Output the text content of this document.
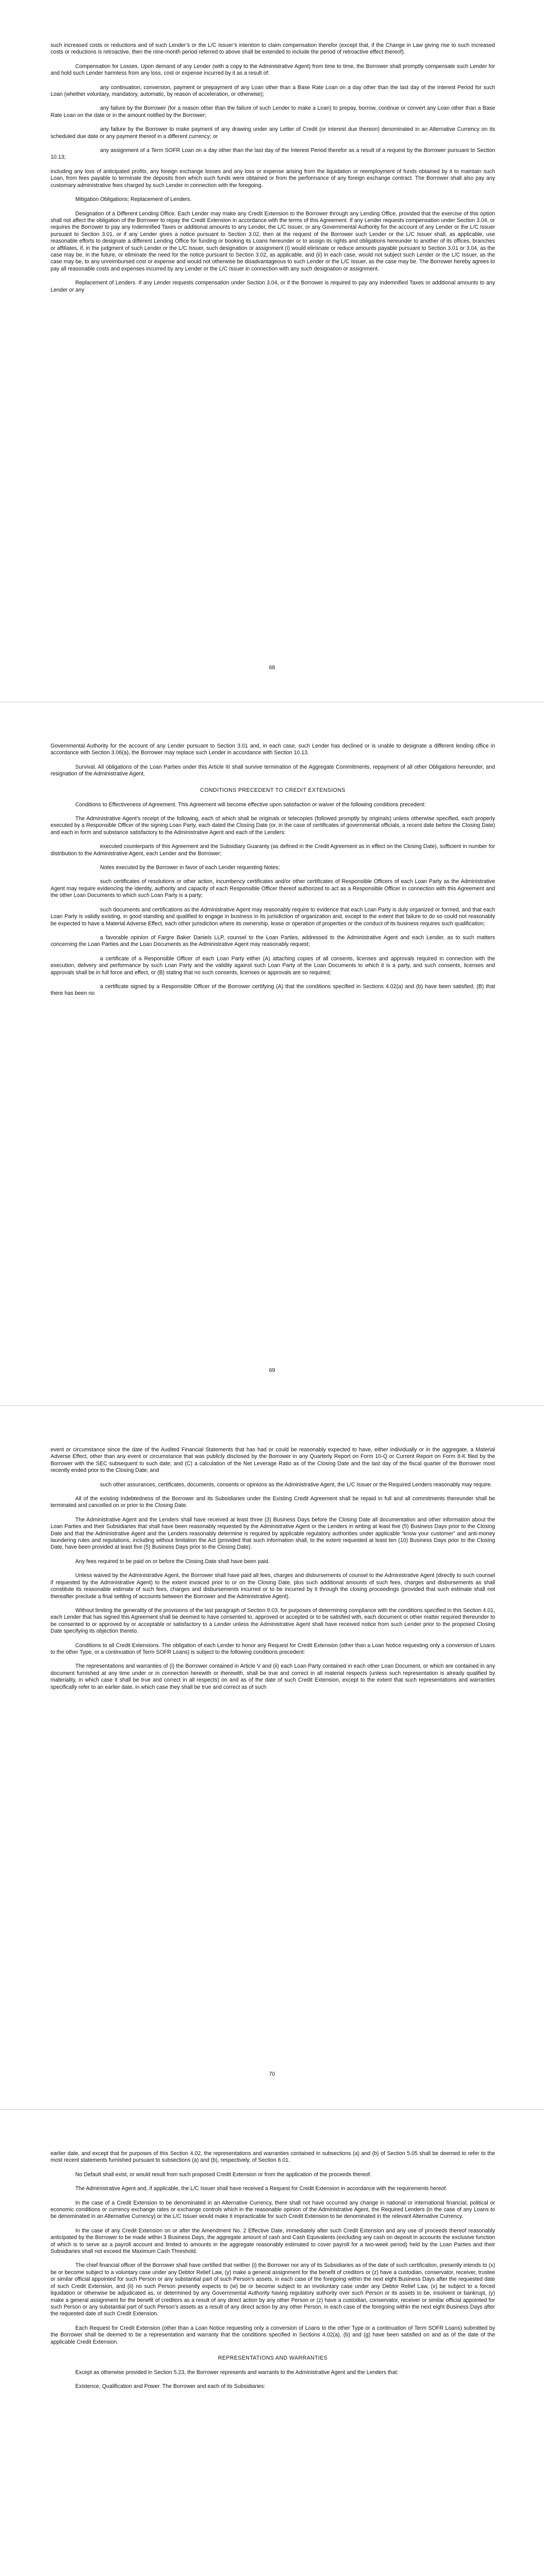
such increased costs or reductions and of such Lender’s or the L/C Issuer’s intention to claim compensation therefor (except that, if the Change in Law giving rise to such increased costs or reductions is retroactive, then the nine-month period referred to above shall be extended to include the period of retroactive effect thereof).

Compensation for Losses. Upon demand of any Lender (with a copy to the Administrative Agent) from time to time, the Borrower shall promptly compensate such Lender for and hold such Lender harmless from any loss, cost or expense incurred by it as a result of:

any continuation, conversion, payment or prepayment of any Loan other than a Base Rate Loan on a day other than the last day of the Interest Period for such Loan (whether voluntary, mandatory, automatic, by reason of acceleration, or otherwise);

any failure by the Borrower (for a reason other than the failure of such Lender to make a Loan) to prepay, borrow, continue or convert any Loan other than a Base Rate Loan on the date or in the amount notified by the Borrower;

any failure by the Borrower to make payment of any drawing under any Letter of Credit (or interest due thereon) denominated in an Alternative Currency on its scheduled due date or any payment thereof in a different currency; or

any assignment of a Term SOFR Loan on a day other than the last day of the Interest Period therefor as a result of a request by the Borrower pursuant to Section 10.13;

including any loss of anticipated profits, any foreign exchange losses and any loss or expense arising from the liquidation or reemployment of funds obtained by it to maintain such Loan, from fees payable to terminate the deposits from which such funds were obtained or from the performance of any foreign exchange contract. The Borrower shall also pay any customary administrative fees charged by such Lender in connection with the foregoing.

Mitigation Obligations; Replacement of Lenders.

Designation of a Different Lending Office. Each Lender may make any Credit Extension to the Borrower through any Lending Office, provided that the exercise of this option shall not affect the obligation of the Borrower to repay the Credit Extension in accordance with the terms of this Agreement. If any Lender requests compensation under Section 3.04, or requires the Borrower to pay any Indemnified Taxes or additional amounts to any Lender, the L/C Issuer, or any Governmental Authority for the account of any Lender or the L/C Issuer pursuant to Section 3.01, or if any Lender gives a notice pursuant to Section 3.02, then at the request of the Borrower such Lender or the L/C Issuer shall, as applicable, use reasonable efforts to designate a different Lending Office for funding or booking its Loans hereunder or to assign its rights and obligations hereunder to another of its offices, branches or affiliates, if, in the judgment of such Lender or the L/C Issuer, such designation or assignment (i) would eliminate or reduce amounts payable pursuant to Section 3.01 or 3.04, as the case may be, in the future, or eliminate the need for the notice pursuant to Section 3.02, as applicable, and (ii) in each case, would not subject such Lender or the L/C Issuer, as the case may be, to any unreimbursed cost or expense and would not otherwise be disadvantageous to such Lender or the L/C Issuer, as the case may be. The Borrower hereby agrees to pay all reasonable costs and expenses incurred by any Lender or the L/C Issuer in connection with any such designation or assignment.

Replacement of Lenders. If any Lender requests compensation under Section 3.04, or if the Borrower is required to pay any Indemnified Taxes or additional amounts to any Lender or any

68

Governmental Authority for the account of any Lender pursuant to Section 3.01 and, in each case, such Lender has declined or is unable to designate a different lending office in accordance with Section 3.06(a), the Borrower may replace such Lender in accordance with Section 10.13.

Survival. All obligations of the Loan Parties under this Article III shall survive termination of the Aggregate Commitments, repayment of all other Obligations hereunder, and resignation of the Administrative Agent.

CONDITIONS PRECEDENT TO CREDIT EXTENSIONS

Conditions to Effectiveness of Agreement. This Agreement will become effective upon satisfaction or waiver of the following conditions precedent:

The Administrative Agent’s receipt of the following, each of which shall be originals or telecopies (followed promptly by originals) unless otherwise specified, each properly executed by a Responsible Officer of the signing Loan Party, each dated the Closing Date (or, in the case of certificates of governmental officials, a recent date before the Closing Date) and each in form and substance satisfactory to the Administrative Agent and each of the Lenders:

executed counterparts of this Agreement and the Subsidiary Guaranty (as defined in the Credit Agreement as in effect on the Closing Date), sufficient in number for distribution to the Administrative Agent, each Lender and the Borrower;

Notes executed by the Borrower in favor of each Lender requesting Notes;

such certificates of resolutions or other action, incumbency certificates and/or other certificates of Responsible Officers of each Loan Party as the Administrative Agent may require evidencing the identity, authority and capacity of each Responsible Officer thereof authorized to act as a Responsible Officer in connection with this Agreement and the other Loan Documents to which such Loan Party is a party;

such documents and certifications as the Administrative Agent may reasonably require to evidence that each Loan Party is duly organized or formed, and that each Loan Party is validly existing, in good standing and qualified to engage in business in its jurisdiction of organization and, except to the extent that failure to do so could not reasonably be expected to have a Material Adverse Effect, each other jurisdiction where its ownership, lease or operation of properties or the conduct of its business requires such qualification;

a favorable opinion of Fargre Baker Daniels LLP, counsel to the Loan Parties, addressed to the Administrative Agent and each Lender, as to such matters concerning the Loan Parties and the Loan Documents as the Administrative Agent may reasonably request;

a certificate of a Responsible Officer of each Loan Party either (A) attaching copies of all consents, licenses and approvals required in connection with the execution, delivery and performance by such Loan Party and the validity against such Loan Party of the Loan Documents to which it is a party, and such consents, licenses and approvals shall be in full force and effect, or (B) stating that no such consents, licenses or approvals are so required;

a certificate signed by a Responsible Officer of the Borrower certifying (A) that the conditions specified in Sections 4.02(a) and (b) have been satisfied; (B) that there has been no

69

event or circumstance since the date of the Audited Financial Statements that has had or could be reasonably expected to have, either individually or in the aggregate, a Material Adverse Effect, other than any event or circumstance that was publicly disclosed by the Borrower in any Quarterly Report on Form 10-Q or Current Report on Form 8-K filed by the Borrower with the SEC subsequent to such date; and (C) a calculation of the Net Leverage Ratio as of the Closing Date and the last day of the fiscal quarter of the Borrower most recently ended prior to the Closing Date; and

such other assurances, certificates, documents, consents or opinions as the Administrative Agent, the L/C Issuer or the Required Lenders reasonably may require.

All of the existing Indebtedness of the Borrower and its Subsidiaries under the Existing Credit Agreement shall be repaid in full and all commitments thereunder shall be terminated and cancelled on or prior to the Closing Date.

The Administrative Agent and the Lenders shall have received at least three (3) Business Days before the Closing Date all documentation and other information about the Loan Parties and their Subsidiaries that shall have been reasonably requested by the Administrative Agent or the Lenders in writing at least five (5) Business Days prior to the Closing Date and that the Administrative Agent and the Lenders reasonably determine is required by applicable regulatory authorities under applicable “know your customer” and anti-money laundering rules and regulations, including without limitation the Act (provided that such information shall, to the extent requested at least ten (10) Business Days prior to the Closing Date, have been provided at least five (5) Business Days prior to the Closing Date).

Any fees required to be paid on or before the Closing Date shall have been paid.

Unless waived by the Administrative Agent, the Borrower shall have paid all fees, charges and disbursements of counsel to the Administrative Agent (directly to such counsel if requested by the Administrative Agent) to the extent invoiced prior to or on the Closing Date, plus such additional amounts of such fees, charges and disbursements as shall constitute its reasonable estimate of such fees, charges and disbursements incurred or to be incurred by it through the closing proceedings (provided that such estimate shall not thereafter preclude a final settling of accounts between the Borrower and the Administrative Agent).

Without limiting the generality of the provisions of the last paragraph of Section 9.03, for purposes of determining compliance with the conditions specified in this Section 4.01, each Lender that has signed this Agreement shall be deemed to have consented to, approved or accepted or to be satisfied with, each document or other matter required thereunder to be consented to or approved by or acceptable or satisfactory to a Lender unless the Administrative Agent shall have received notice from such Lender prior to the proposed Closing Date specifying its objection thereto.

Conditions to all Credit Extensions. The obligation of each Lender to honor any Request for Credit Extension (other than a Loan Notice requesting only a conversion of Loans to the other Type, or a continuation of Term SOFR Loans) is subject to the following conditions precedent:

The representations and warranties of (i) the Borrower contained in Article V and (ii) each Loan Party contained in each other Loan Document, or which are contained in any document furnished at any time under or in connection herewith or therewith, shall be true and correct in all material respects (unless such representation is already qualified by materiality, in which case it shall be true and correct in all respects) on and as of the date of such Credit Extension, except to the extent that such representations and warranties specifically refer to an earlier date, in which case they shall be true and correct as of such

70

earlier date, and except that for purposes of this Section 4.02, the representations and warranties contained in subsections (a) and (b) of Section 5.05 shall be deemed to refer to the most recent statements furnished pursuant to subsections (a) and (b), respectively, of Section 6.01.

No Default shall exist, or would result from such proposed Credit Extension or from the application of the proceeds thereof.

The Administrative Agent and, if applicable, the L/C Issuer shall have received a Request for Credit Extension in accordance with the requirements hereof.

In the case of a Credit Extension to be denominated in an Alternative Currency, there shall not have occurred any change in national or international financial, political or economic conditions or currency exchange rates or exchange controls which in the reasonable opinion of the Administrative Agent, the Required Lenders (in the case of any Loans to be denominated in an Alternative Currency) or the L/C Issuer would make it impracticable for such Credit Extension to be denominated in the relevant Alternative Currency.

In the case of any Credit Extension on or after the Amendment No. 2 Effective Date, immediately after such Credit Extension and any use of proceeds thereof reasonably anticipated by the Borrower to be made within 3 Business Days, the aggregate amount of cash and Cash Equivalents (excluding any cash on deposit in accounts the exclusive function of which is to serve as a payroll account and limited to amounts in the aggregate reasonably estimated to cover payroll for a two-week period) held by the Loan Parties and their Subsidiaries shall not exceed the Maximum Cash Threshold.

The chief financial officer of the Borrower shall have certified that neither (i) the Borrower nor any of its Subsidiaries as of the date of such certification, presently intends to (x) be or become subject to a voluntary case under any Debtor Relief Law, (y) make a general assignment for the benefit of creditors or (z) have a custodian, conservator, receiver, trustee or similar official appointed for such Person or any substantial part of such Person’s assets, in each case of the foregoing within the next eight Business Days after the requested date of such Credit Extension, and (ii) no such Person presently expects to (w) be or become subject to an involuntary case under any Debtor Relief Law, (x) be subject to a forced liquidation or otherwise be adjudicated as, or determined by any Governmental Authority having regulatory authority over such Person or its assets to be, insolvent or bankrupt, (y) make a general assignment for the benefit of creditors as a result of any direct action by any other Person or (z) have a custodian, conservator, receiver or similar official appointed for such Person or any substantial part of such Person’s assets as a result of any direct action by any other Person, in each case of the foregoing within the next eight Business Days after the requested date of such Credit Extension.

Each Request for Credit Extension (other than a Loan Notice requesting only a conversion of Loans to the other Type or a continuation of Term SOFR Loans) submitted by the Borrower shall be deemed to be a representation and warranty that the conditions specified in Sections 4.02(a), (b) and (g) have been satisfied on and as of the date of the applicable Credit Extension.

REPRESENTATIONS AND WARRANTIES

Except as otherwise provided in Section 5.23, the Borrower represents and warrants to the Administrative Agent and the Lenders that:

Existence, Qualification and Power. The Borrower and each of its Subsidiaries:
